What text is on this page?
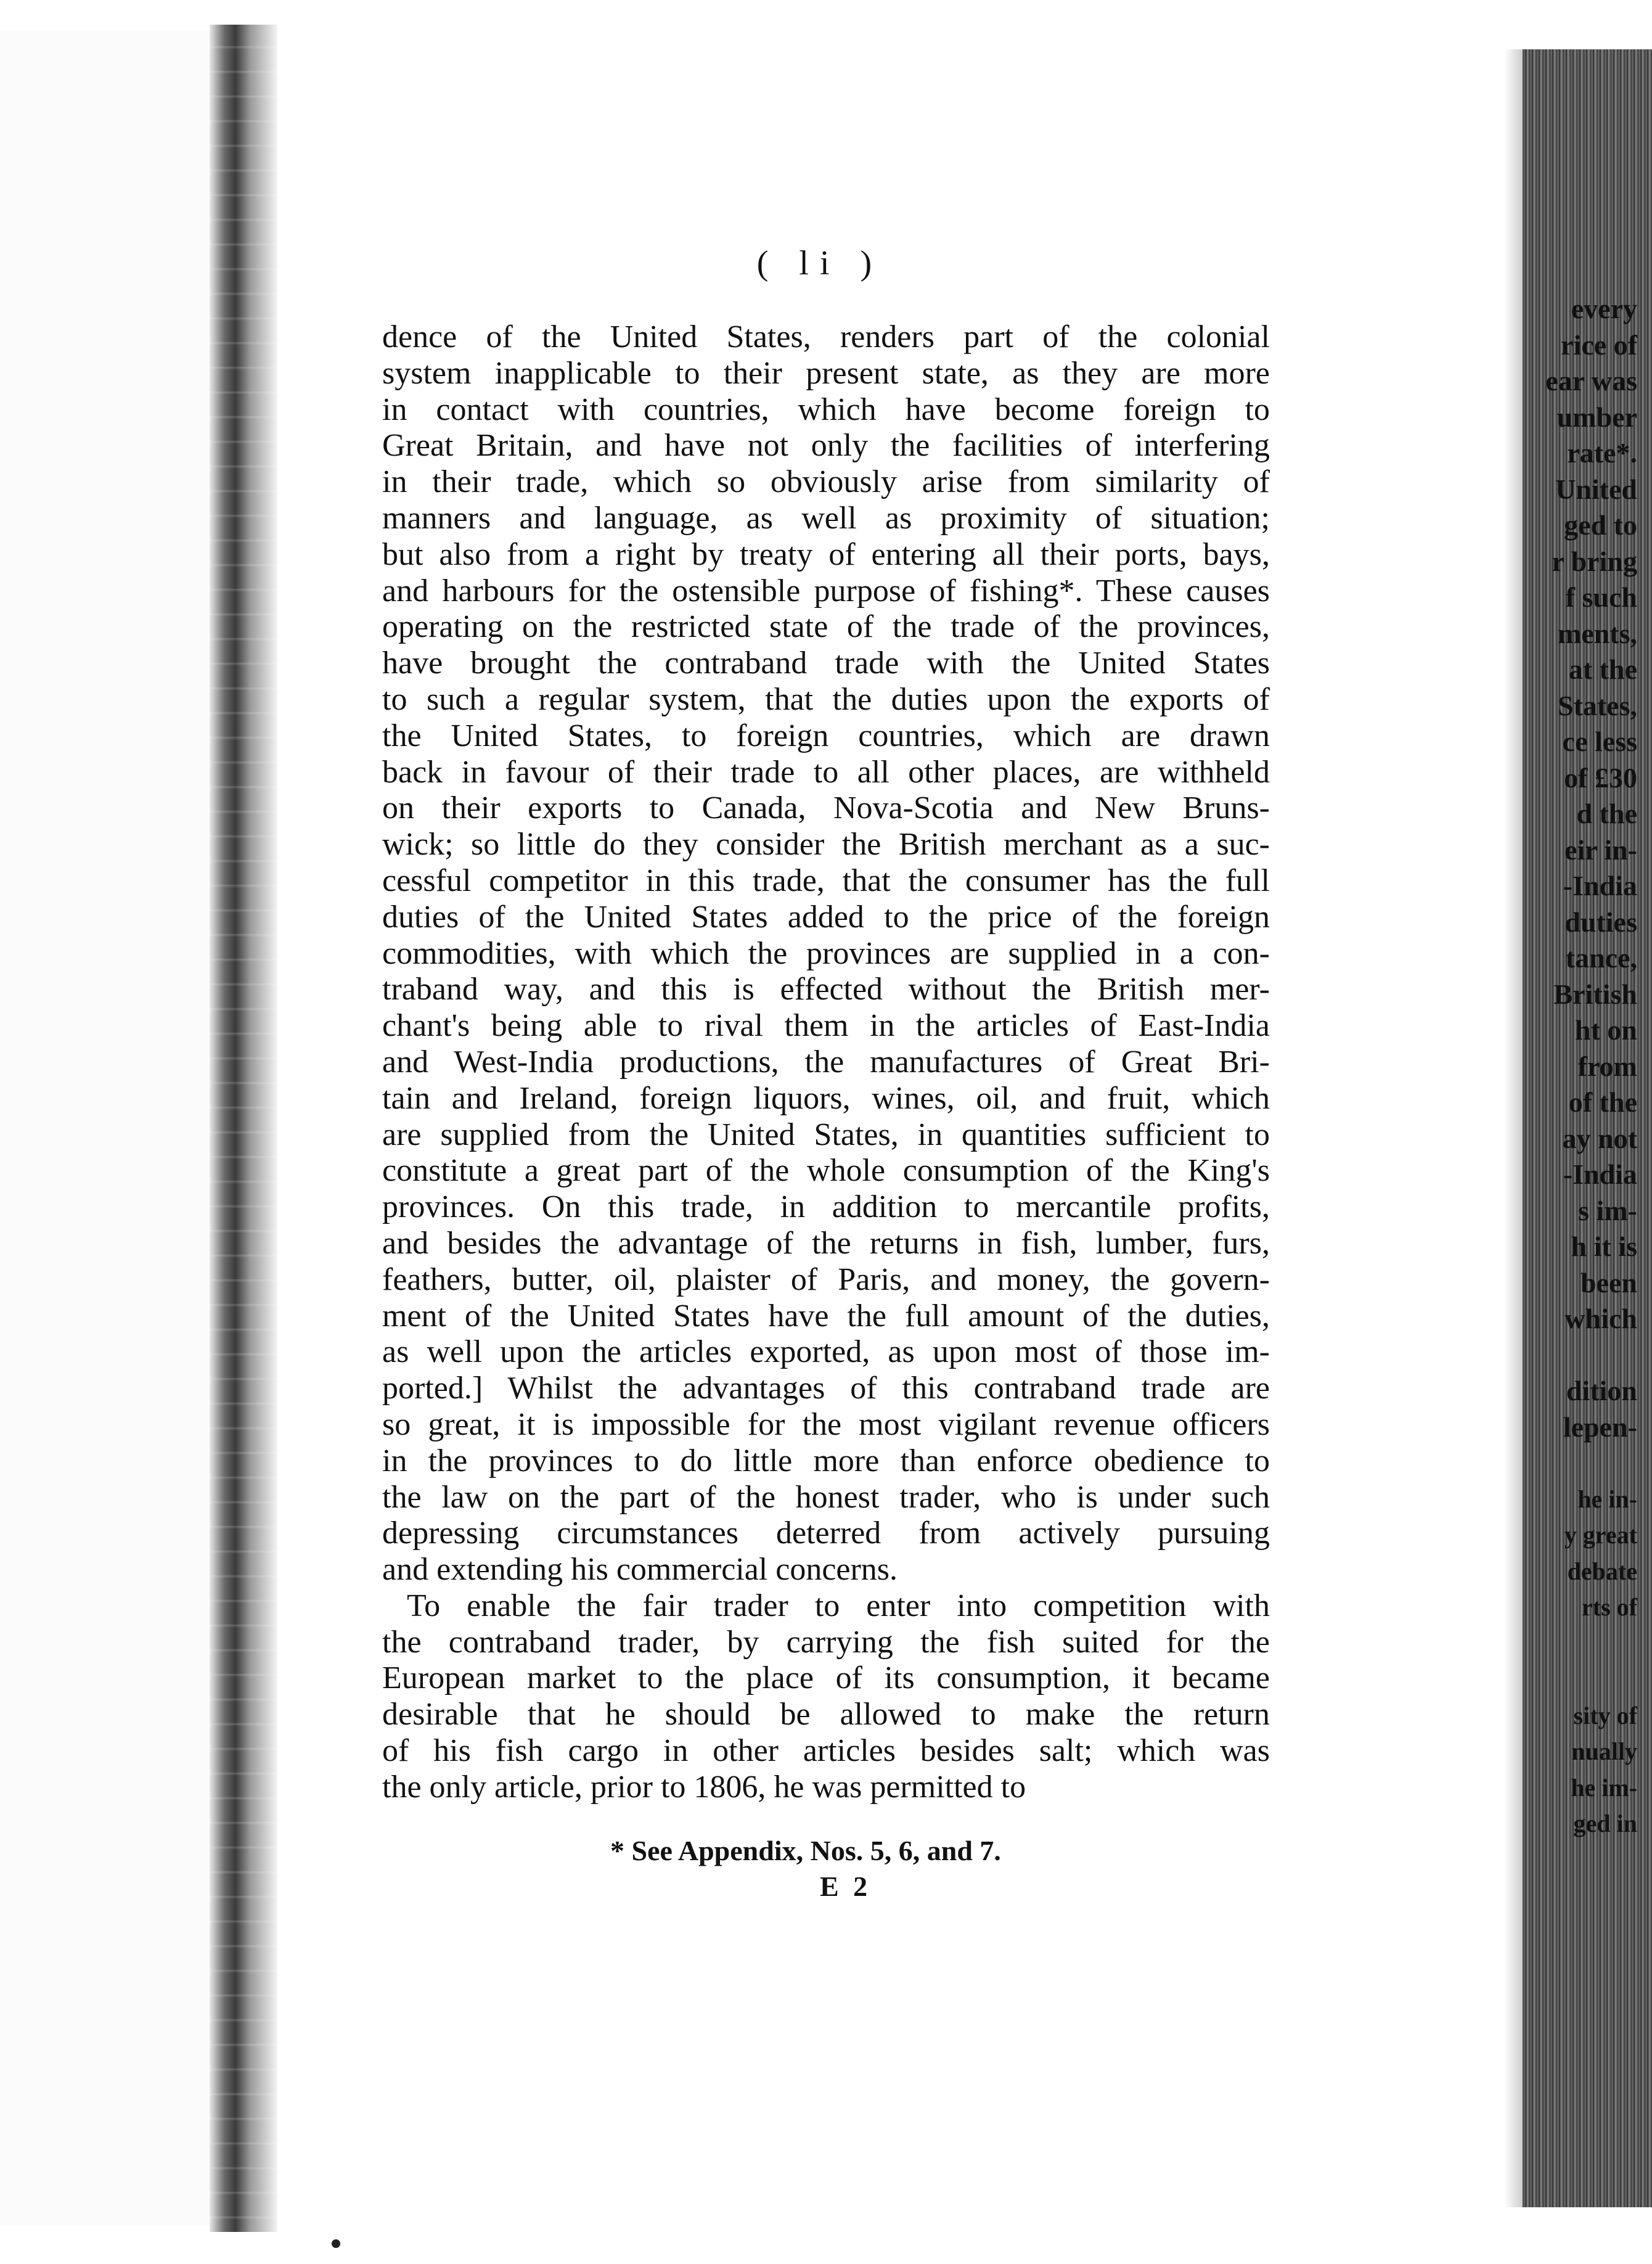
every
rice of
ear was
umber
rate*.
United
ged to
r bring
f such
ments,
at the
States,
ce less
of £30
d the
eir in-
-India
duties
tance,
British
ht on
from
of the
ay not
-India
s im-
h it is
been
which
dition
lepen-
he in-
y great
debate
rts of
sity of
nually
he im-
ged in
( li )
dence of the United States, renders part of the colonial
system inapplicable to their present state, as they are more
in contact with countries, which have become foreign to
Great Britain, and have not only the facilities of interfering
in their trade, which so obviously arise from similarity of
manners and language, as well as proximity of situation;
but also from a right by treaty of entering all their ports, bays,
and harbours for the ostensible purpose of fishing*. These causes
operating on the restricted state of the trade of the provinces,
have brought the contraband trade with the United States
to such a regular system, that the duties upon the exports of
the United States, to foreign countries, which are drawn
back in favour of their trade to all other places, are withheld
on their exports to Canada, Nova-Scotia and New Bruns-
wick; so little do they consider the British merchant as a suc-
cessful competitor in this trade, that the consumer has the full
duties of the United States added to the price of the foreign
commodities, with which the provinces are supplied in a con-
traband way, and this is effected without the British mer-
chant's being able to rival them in the articles of East-India
and West-India productions, the manufactures of Great Bri-
tain and Ireland, foreign liquors, wines, oil, and fruit, which
are supplied from the United States, in quantities sufficient to
constitute a great part of the whole consumption of the King's
provinces. On this trade, in addition to mercantile profits,
and besides the advantage of the returns in fish, lumber, furs,
feathers, butter, oil, plaister of Paris, and money, the govern-
ment of the United States have the full amount of the duties,
as well upon the articles exported, as upon most of those im-
ported.] Whilst the advantages of this contraband trade are
so great, it is impossible for the most vigilant revenue officers
in the provinces to do little more than enforce obedience to
the law on the part of the honest trader, who is under such
depressing circumstances deterred from actively pursuing
and extending his commercial concerns.
To enable the fair trader to enter into competition with
the contraband trader, by carrying the fish suited for the
European market to the place of its consumption, it became
desirable that he should be allowed to make the return
of his fish cargo in other articles besides salt; which was
the only article, prior to 1806, he was permitted to
* See Appendix, Nos. 5, 6, and 7.
E 2
